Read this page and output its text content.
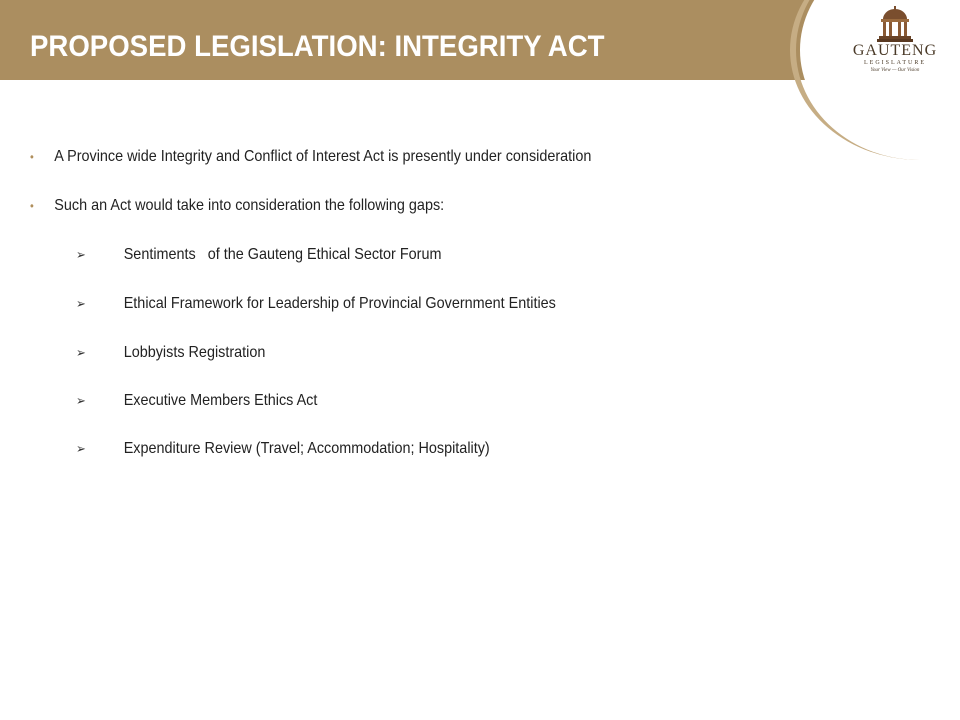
PROPOSED LEGISLATION: INTEGRITY ACT	GAUTENG
LEGISLATURE
Your View — Our Vision
• A Province wide Integrity and Conflict of Interest Act is presently under consideration
• Such an Act would take into consideration the following gaps:
➢ Sentiments   of the Gauteng Ethical Sector Forum
➢ Ethical Framework for Leadership of Provincial Government Entities
➢ Lobbyists Registration
➢ Executive Members Ethics Act
➢ Expenditure Review (Travel; Accommodation; Hospitality)
